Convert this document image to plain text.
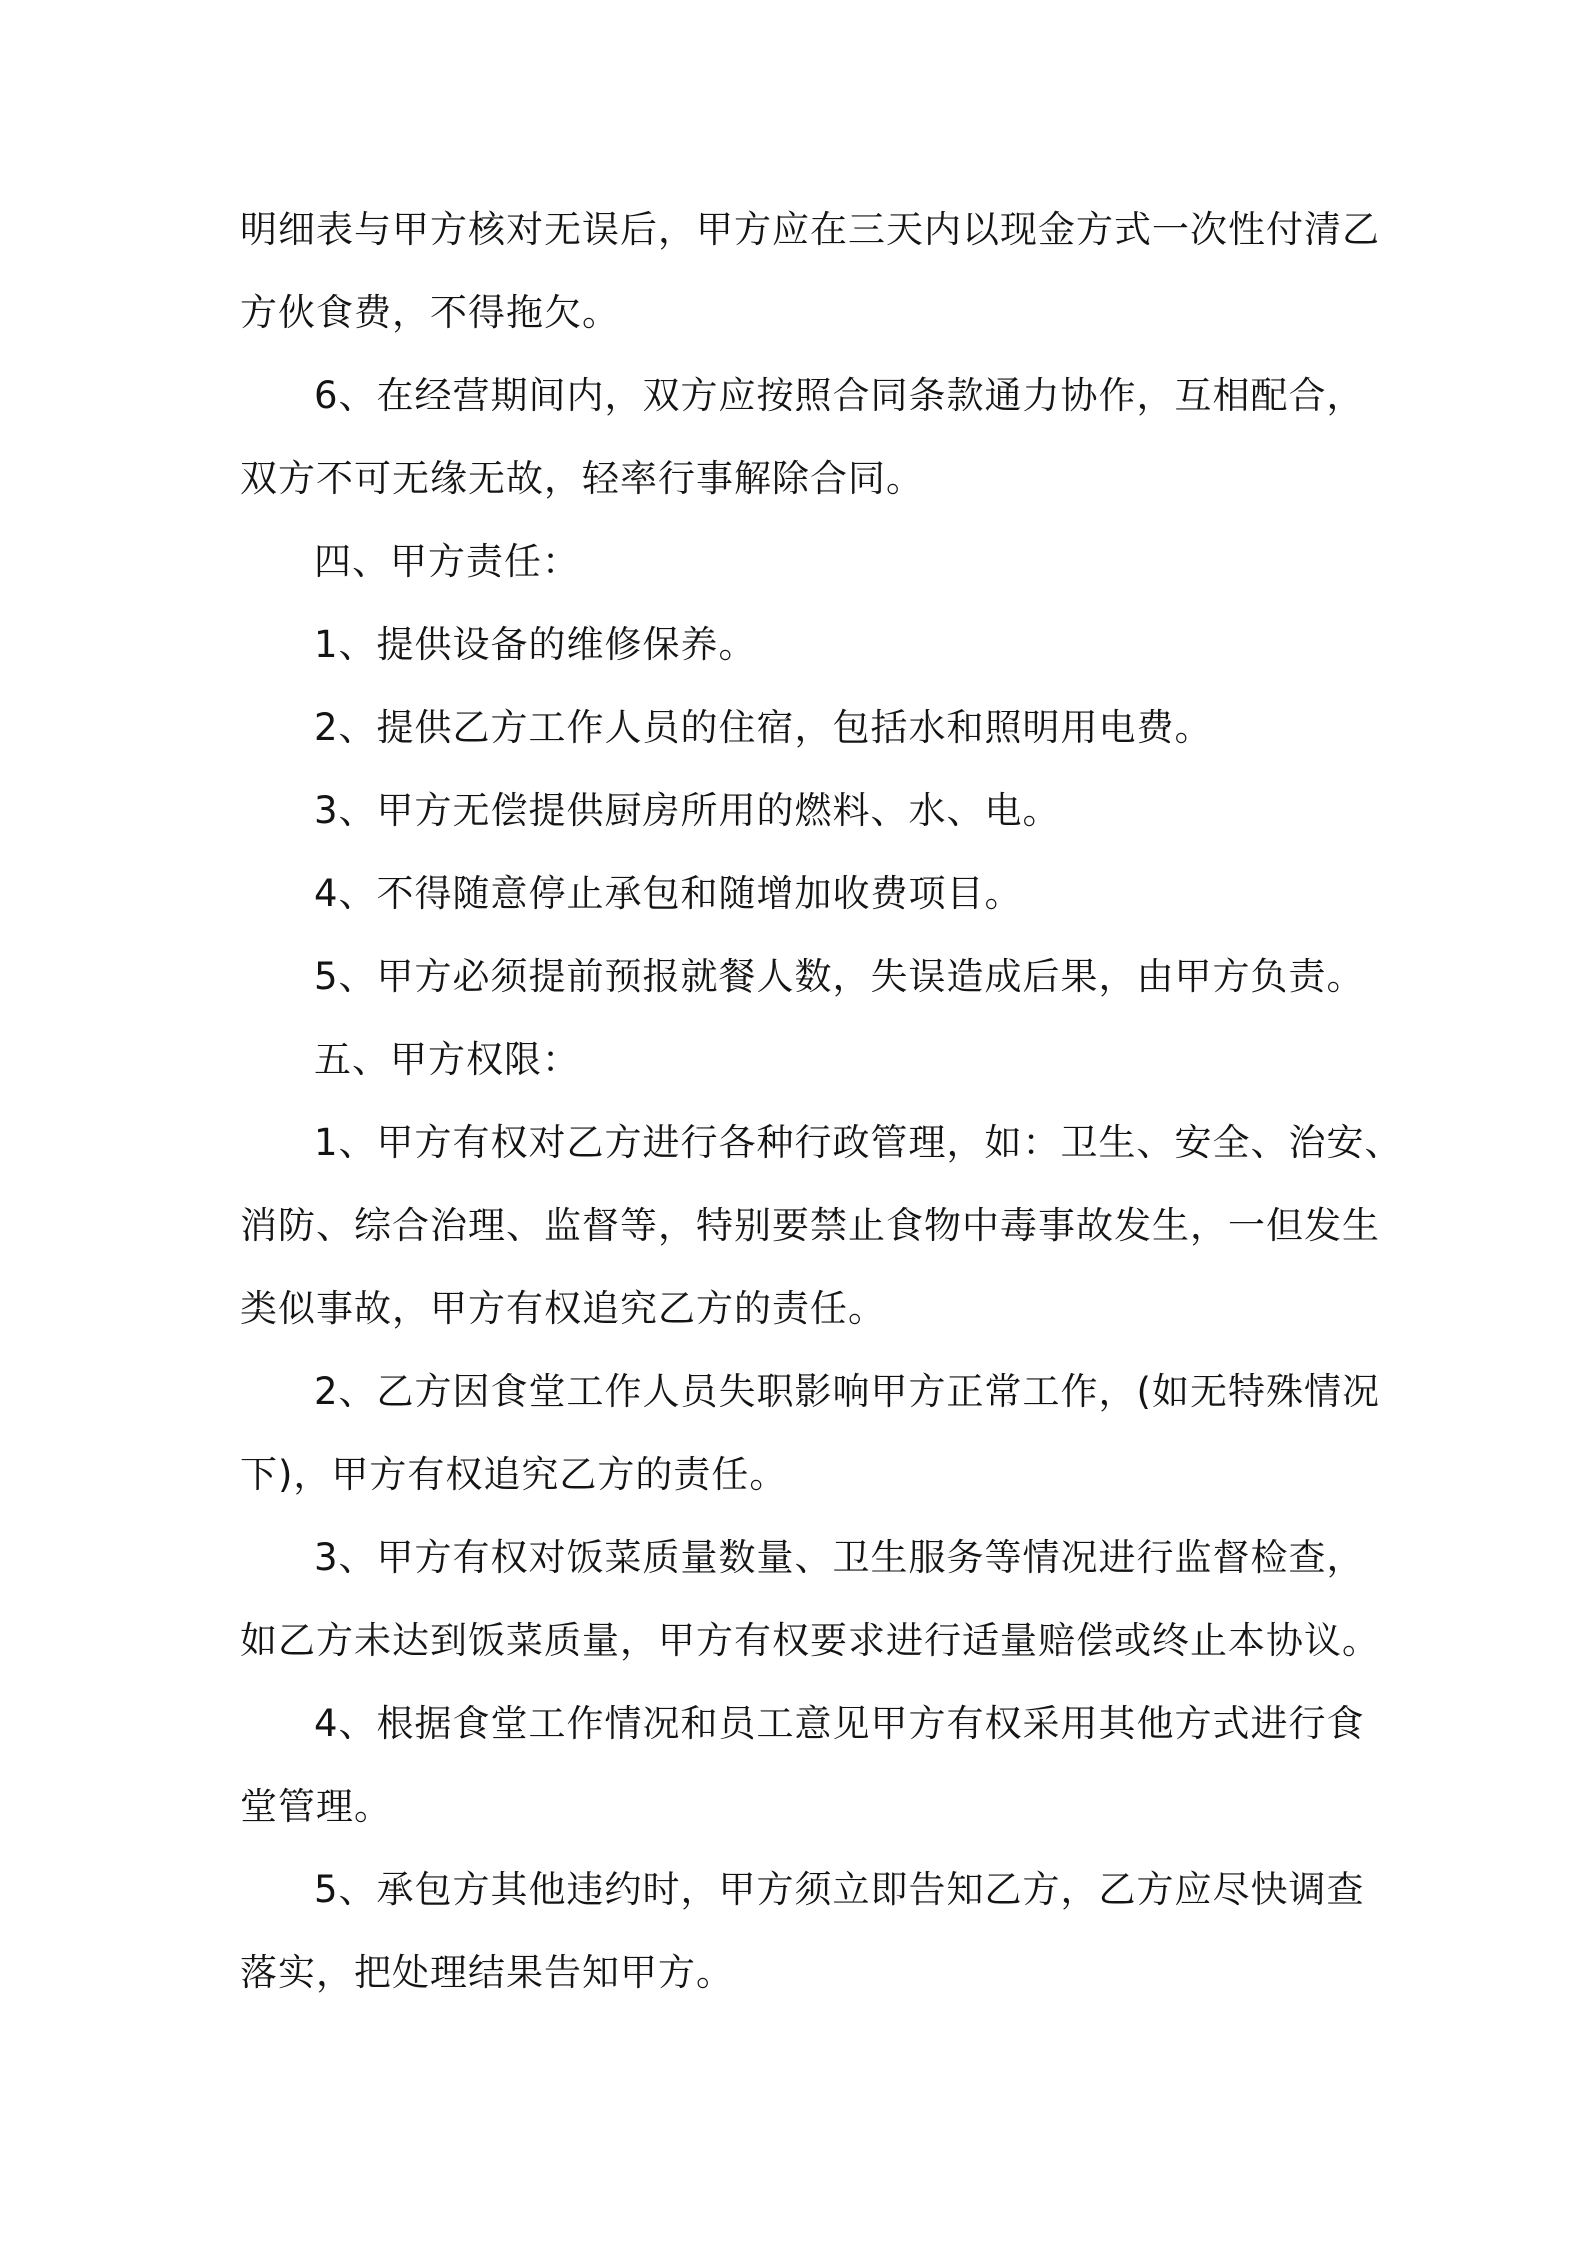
明细表与甲方核对无误后，甲方应在三天内以现金方式一次性付清乙
方伙食费，不得拖欠。

6、在经营期间内，双方应按照合同条款通力协作，互相配合，
双方不可无缘无故，轻率行事解除合同。

四、甲方责任：

1、提供设备的维修保养。

2、提供乙方工作人员的住宿，包括水和照明用电费。

3、甲方无偿提供厨房所用的燃料、水、电。

4、不得随意停止承包和随增加收费项目。

5、甲方必须提前预报就餐人数，失误造成后果，由甲方负责。

五、甲方权限：

1、甲方有权对乙方进行各种行政管理，如：卫生、安全、治安、
消防、综合治理、监督等，特别要禁止食物中毒事故发生，一但发生
类似事故，甲方有权追究乙方的责任。

2、乙方因食堂工作人员失职影响甲方正常工作，(如无特殊情况
下)，甲方有权追究乙方的责任。

3、甲方有权对饭菜质量数量、卫生服务等情况进行监督检查，
如乙方未达到饭菜质量，甲方有权要求进行适量赔偿或终止本协议。

4、根据食堂工作情况和员工意见甲方有权采用其他方式进行食
堂管理。

5、承包方其他违约时，甲方须立即告知乙方，乙方应尽快调查
落实，把处理结果告知甲方。
